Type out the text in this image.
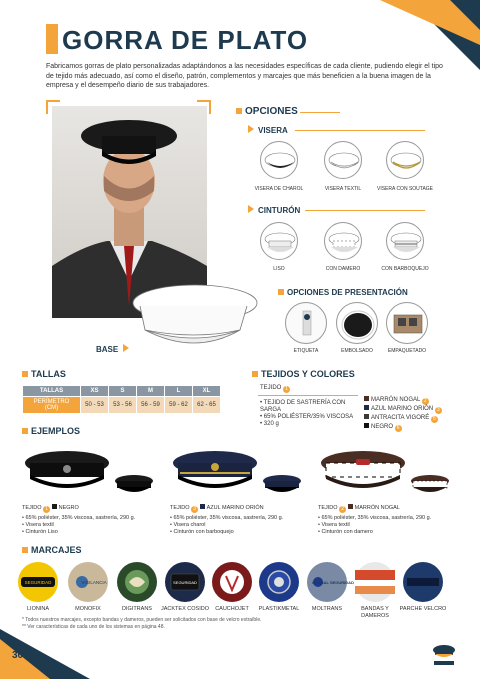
GORRA DE PLATO
Fabricamos gorras de plato personalizadas adaptándonos a las necesidades específicas de cada cliente, pudiendo elegir el tipo de tejido más adecuado, así como el diseño, patrón, complementos y marcajes que más beneficien a la buena imagen de la empresa y el desempeño diario de sus trabajadores.
BASE
OPCIONES
VISERA
VISERA DE CHAROL	VISERA TEXTIL	VISERA CON SOUTAGE
CINTURÓN
LISO	CON DAMERO	CON BARBOQUEJO
OPCIONES DE PRESENTACIÓN
ETIQUETA	EMBOLSADO	EMPAQUETADO
TALLAS
TALLAS	XS	S	M	L	XL
PERÍMETRO (CM)	50 - 53	53 - 56	56 - 59	59 - 62	62 - 65
TEJIDOS Y COLORES
TEJIDO 1
• TEJIDO DE SASTRERÍA CON SARGA
• 65% POLIÉSTER/35% VISCOSA
• 320 g
MARRÓN NOGAL 2
AZUL MARINO ORIÓN 3
ANTRACITA VIGORÉ 5
NEGRO 6
EJEMPLOS
TEJIDO 1 NEGRO
• 65% poliéster, 35% viscosa, sastrería, 290 g.
• Visera textil
• Cinturón Liso
TEJIDO 3 AZUL MARINO ORIÓN
• 65% poliéster, 35% viscosa, sastrería, 290 g.
• Visera charol
• Cinturón con barboquejo
TEJIDO 2 MARRÓN NOGAL
• 65% poliéster, 35% viscosa, sastrería, 290 g.
• Visera textil
• Cinturón con damero
MARCAJES
SEGURIDAD	VIGILANCIA	SEGURIDAD	GLOBAL SEGURIDAD
LIONINA	MONOFIX	DIGITRANS	JACKTEX COSIDO	CAUCHOJET	PLASTIKMETAL	MOLTRANS	BANDAS Y DAMEROS
PARCHE VELCRO
* Todos nuestros marcajes, excepto bandas y dameros, pueden ser solicitados con base de velcro extraíble.
** Ver características de cada uno de los sistemas en página 48.
30
